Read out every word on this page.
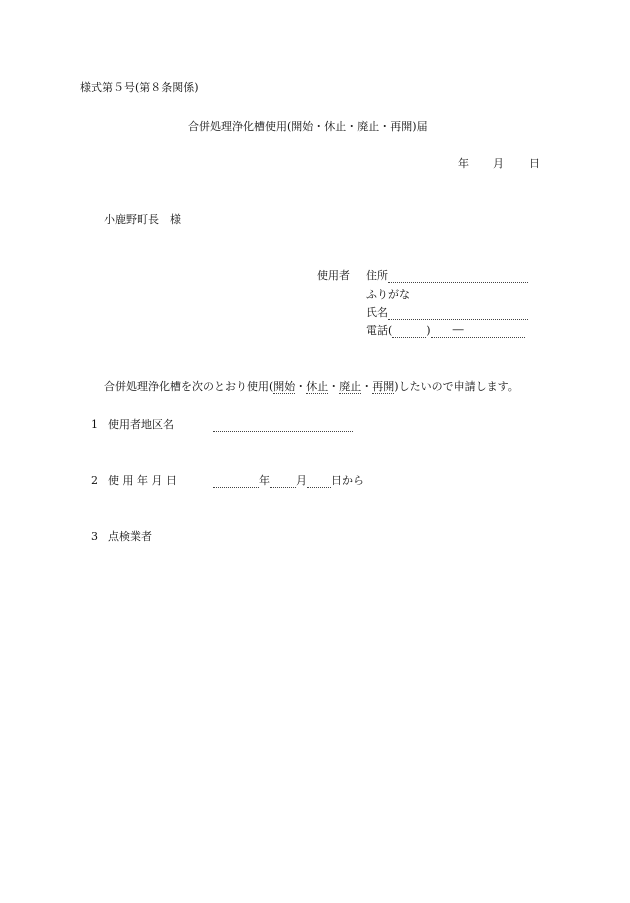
様式第５号(第８条関係)
合併処理浄化槽使用(開始・休止・廃止・再開)届
年 月 日
小鹿野町長　様
使用者 住所
ふりがな
氏名
電話(	) ―
合併処理浄化槽を次のとおり使用(開始・休止・廃止・再開)したいので申請します。
1 使用者地区名
2 使 用 年 月 日	年 月 日から
3 点検業者
